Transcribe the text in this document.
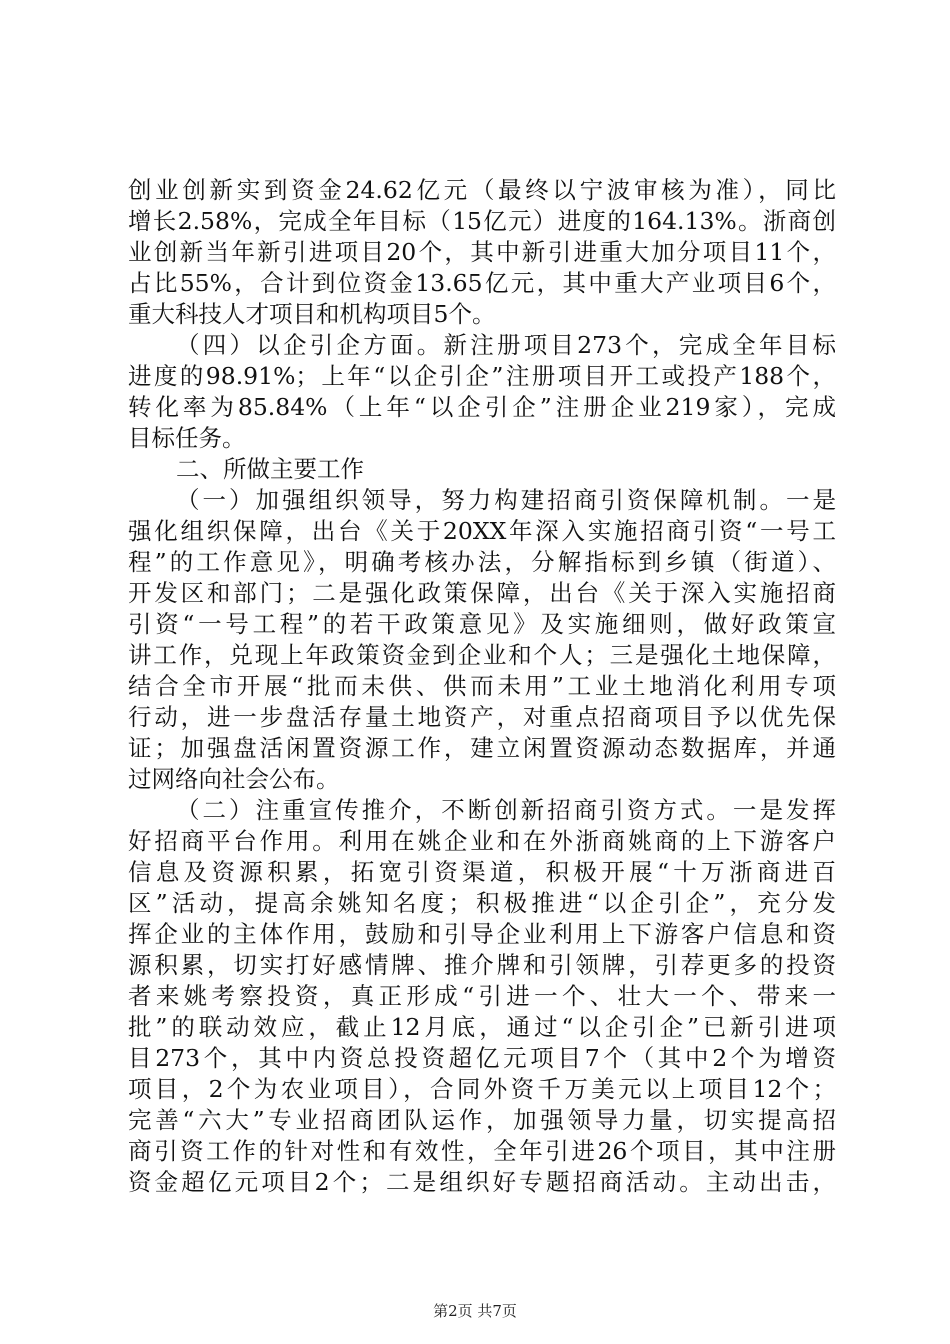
创业创新实到资金24.62亿元（最终以宁波审核为准），同比
增长2.58%，完成全年目标（15亿元）进度的164.13%。浙商创
业创新当年新引进项目20个，其中新引进重大加分项目11个，
占比55%，合计到位资金13.65亿元，其中重大产业项目6个，
重大科技人才项目和机构项目5个。
（四）以企引企方面。新注册项目273个，完成全年目标
进度的98.91%；上年“以企引企”注册项目开工或投产188个，
转化率为85.84%（上年“以企引企”注册企业219家），完成
目标任务。
二、所做主要工作
（一）加强组织领导，努力构建招商引资保障机制。一是
强化组织保障，出台《关于20XX年深入实施招商引资“一号工
程”的工作意见》，明确考核办法，分解指标到乡镇（街道）、
开发区和部门；二是强化政策保障，出台《关于深入实施招商
引资“一号工程”的若干政策意见》及实施细则，做好政策宣
讲工作，兑现上年政策资金到企业和个人；三是强化土地保障，
结合全市开展“批而未供、供而未用”工业土地消化利用专项
行动，进一步盘活存量土地资产，对重点招商项目予以优先保
证；加强盘活闲置资源工作，建立闲置资源动态数据库，并通
过网络向社会公布。
（二）注重宣传推介，不断创新招商引资方式。一是发挥
好招商平台作用。利用在姚企业和在外浙商姚商的上下游客户
信息及资源积累，拓宽引资渠道，积极开展“十万浙商进百
区”活动，提高余姚知名度；积极推进“以企引企”，充分发
挥企业的主体作用，鼓励和引导企业利用上下游客户信息和资
源积累，切实打好感情牌、推介牌和引领牌，引荐更多的投资
者来姚考察投资，真正形成“引进一个、壮大一个、带来一
批”的联动效应，截止12月底，通过“以企引企”已新引进项
目273个，其中内资总投资超亿元项目7个（其中2个为增资
项目，2个为农业项目），合同外资千万美元以上项目12个；
完善“六大”专业招商团队运作，加强领导力量，切实提高招
商引资工作的针对性和有效性，全年引进26个项目，其中注册
资金超亿元项目2个；二是组织好专题招商活动。主动出击，
第2页 共7页
